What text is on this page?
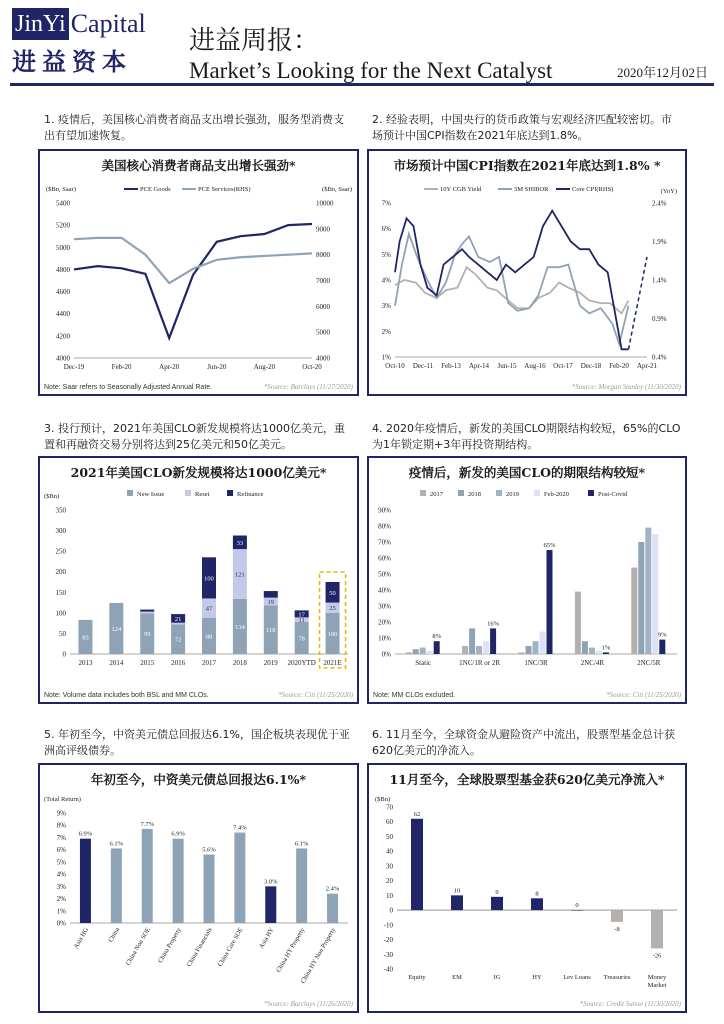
JinYi Capital
进益资本
进益周报：
Market’s Looking for the Next Catalyst	2020年12月02日
1. 疫情后，美国核心消费者商品支出增长强劲，服务型消费支出有望加速恢复。
2. 经验表明，中国央行的货币政策与宏观经济匹配较密切。市场预计中国CPI指数在2021年底达到1.8%。
3. 投行预计，2021年美国CLO新发规模将达1000亿美元，重置和再融资交易分别将达到25亿美元和50亿美元。
4. 2020年疫情后，新发的美国CLO期限结构较短，65%的CLO为1年锁定期+3年再投资期结构。
5. 年初至今，中资美元债总回报达6.1%，国企板块表现优于亚洲高评级债券。
6. 11月至今，全球资金从避险资产中流出，股票型基金总计获620亿美元的净流入。
美国核心消费者商品支出增长强劲*
PCE Goods	PCE Services(RHS)
($Bn, Saar)	($Bn, Saar)
4000
4200
4400
4600
4800
5000
5200
5400
4000
5000
6000
7000
8000
9000
10000
Dec-19	Feb-20	Apr-20	Jun-20	Aug-20	Oct-20
Note: Saar refers to Seasonally Adjusted Annual Rate.	*Source: Barclays (11/27/2020)
市场预计中国CPI指数在2021年底达到1.8% *
10Y CGB Yield	3M SHIBOR	Core CPI(RHS)	(YoY)
1%
2%
3%
4%
5%
6%
7%
0.4%
0.9%
1.4%
1.9%
2.4%
Oct-10 Dec-11 Feb-13 Apr-14 Jun-15 Aug-16 Oct-17 Dec-18 Feb-20 Apr-21
*Source: Morgan Stanley (11/30/2020)
2021年美国CLO新发规模将达1000亿美元*
New Issue	Reset	Refinance
($Bn)
0
50
100
150
200
250
300
350
83
2013
124
2014
99
2015
72
21
2016
88
47
100
2017
134
121
33
2018
118
19
2019
78
11
17
2020YTD
100
25
50
2021E
Note: Volume data includes both BSL and MM CLOs.	*Source: Citi (11/25/2020)
疫情后，新发的美国CLO的期限结构较短*
2017	2018	2019	Feb-2020	Post-Covid
0%
10%
20%
30%
40%
50%
60%
70%
80%
90%
8%
Static
16%
1NC/1R or 2R
65%
1NC/3R
1%
2NC/4R
9%
2NC/5R
Note: MM CLOs excluded.	*Source: Citi (11/25/2020)
年初至今，中资美元债总回报达6.1%*
(Total Return)
0%
1%
2%
3%
4%
5%
6%
7%
8%
9%
6.9%
Asia HG
6.1%
China
7.7%
China Non SOE
6.9%
China Property
5.6%
China Financials
7.4%
China Core SOE
3.0%
Asia HY
6.1%
China HY Property
2.4%
China HY Non Property
*Source: Barclays (11/26/2020)
11月至今，全球股票型基金获620亿美元净流入*
($Bn)
-40
-30
-20
-10
0
10
20
30
40
50
60
70
62
Equity
10
EM
9
IG
8
HY
0
Lev Loans
-8
Treasuries
-26
Money
Market
*Source: Credit Suisse (11/30/2020)
